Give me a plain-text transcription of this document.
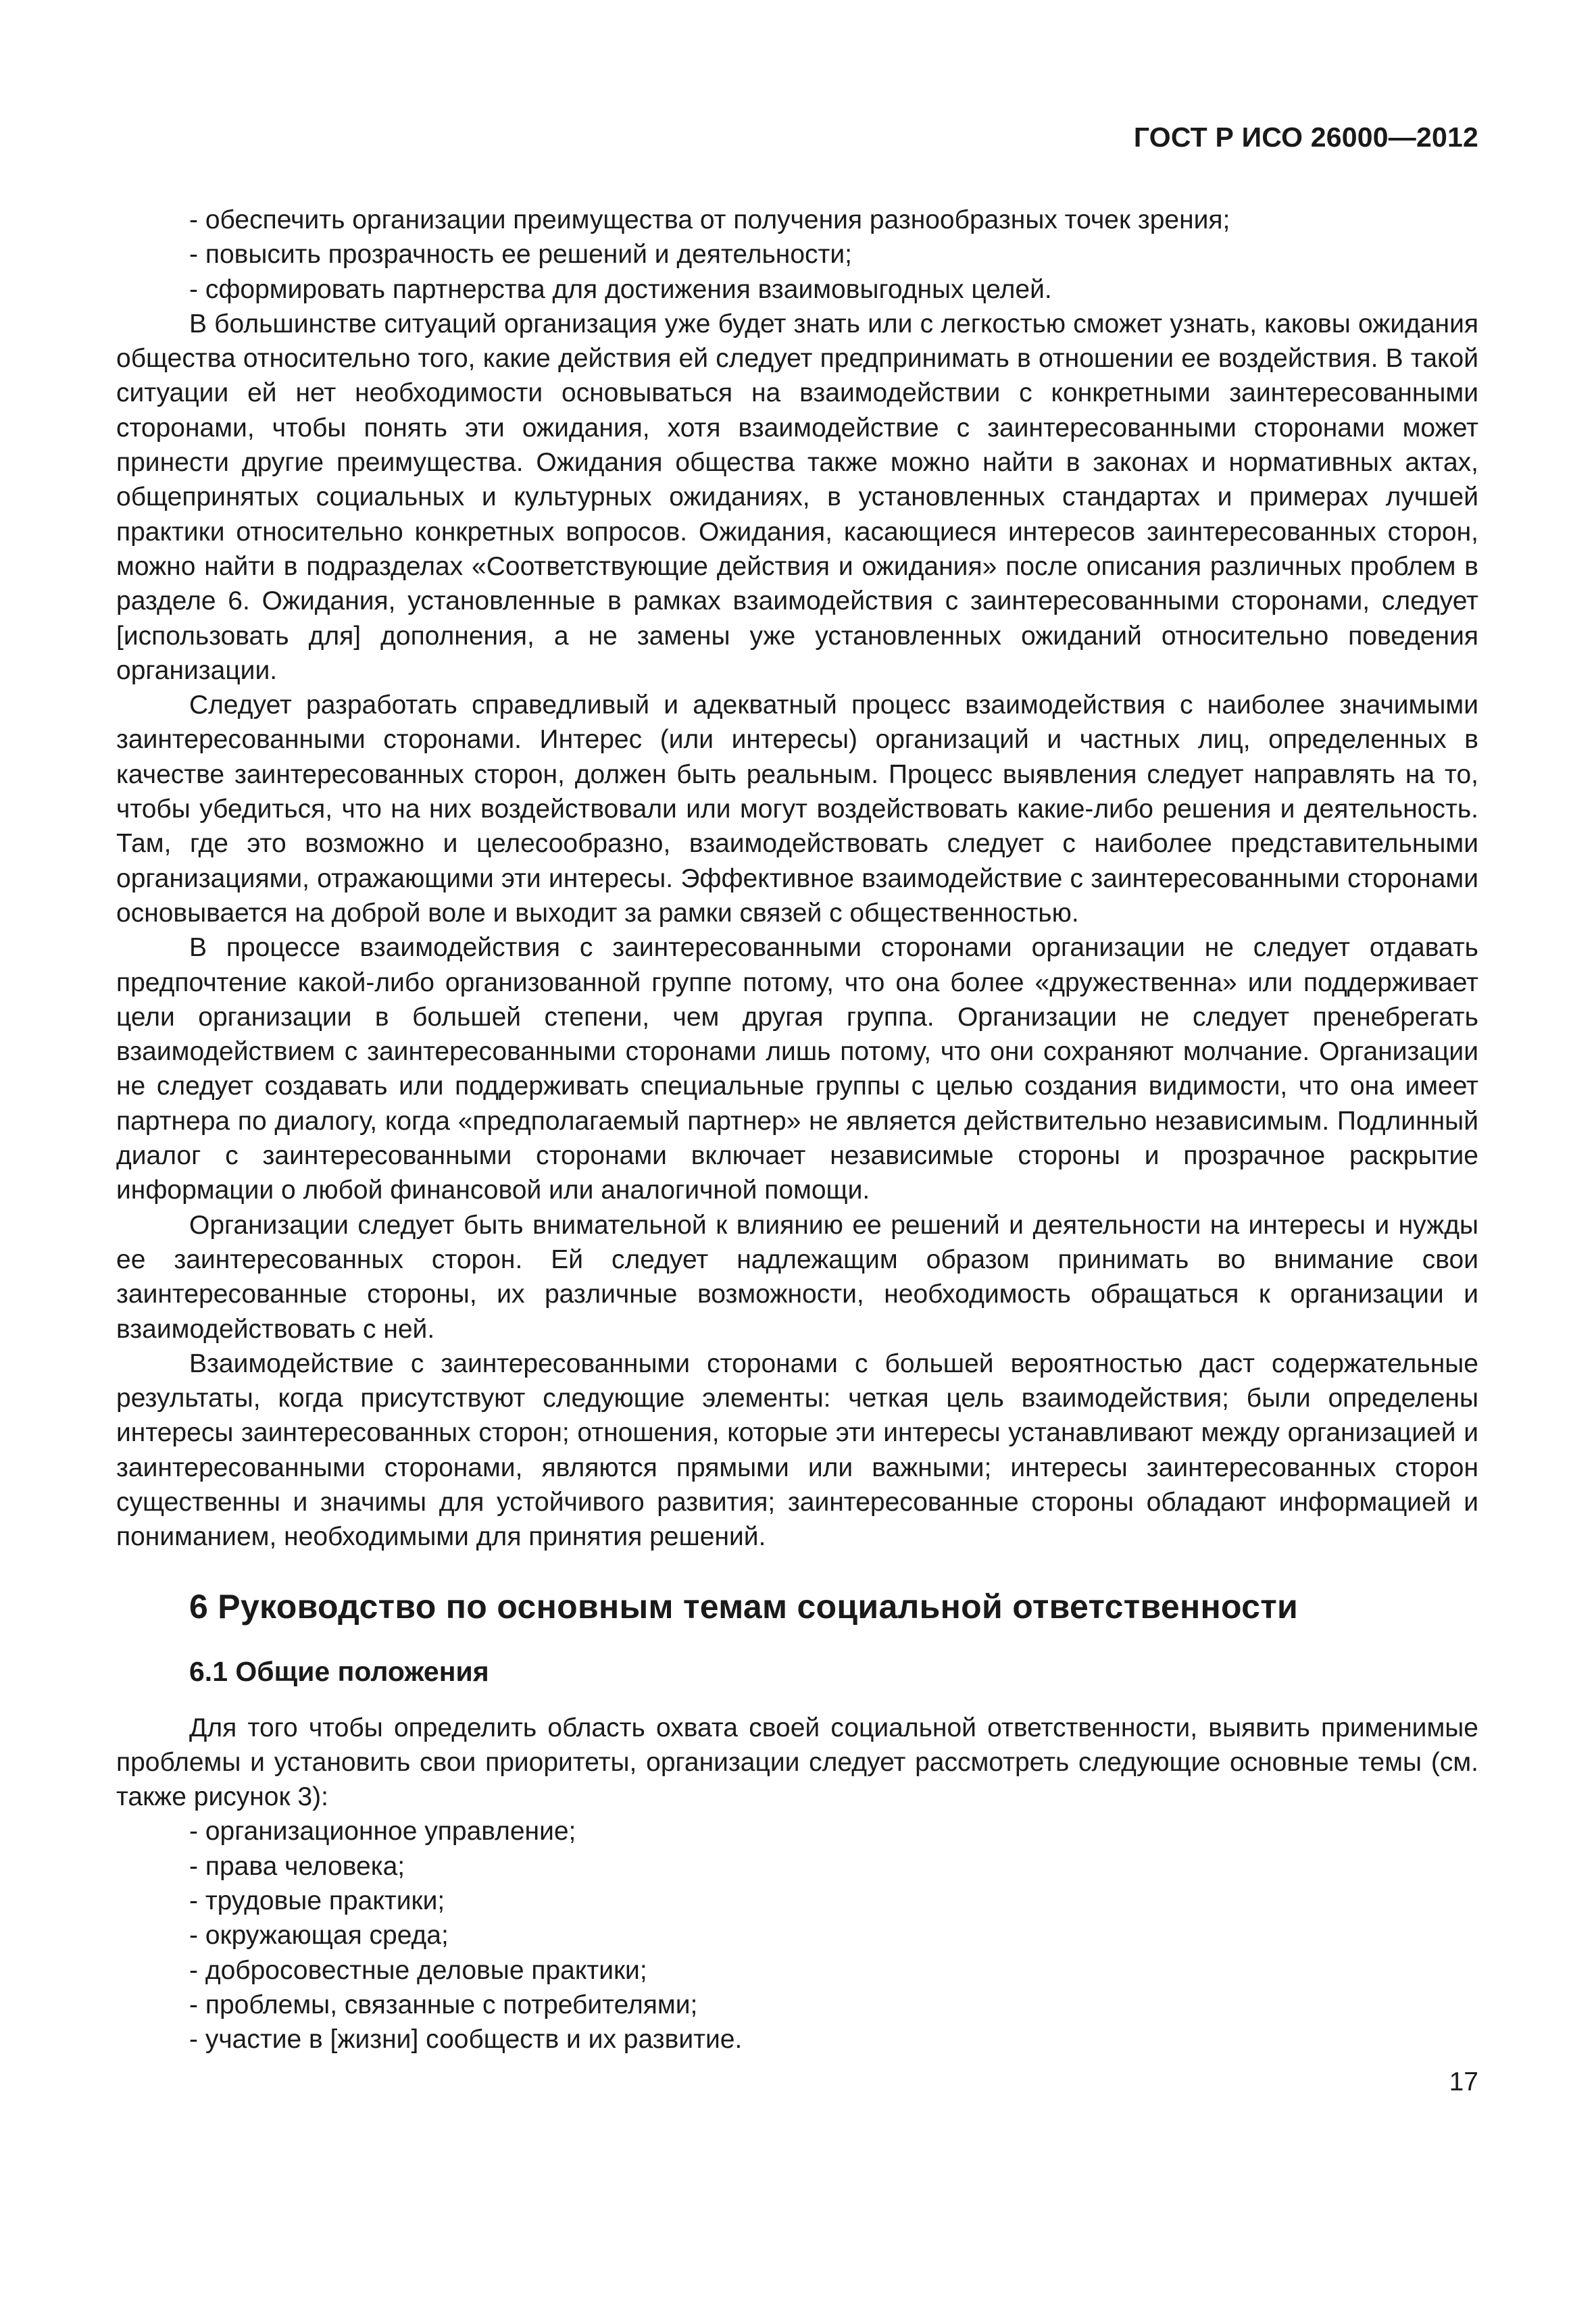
ГОСТ Р ИСО 26000—2012

- обеспечить организации преимущества от получения разнообразных точек зрения;

- повысить прозрачность ее решений и деятельности;

- сформировать партнерства для достижения взаимовыгодных целей.

В большинстве ситуаций организация уже будет знать или с легкостью сможет узнать, каковы ожидания общества относительно того, какие действия ей следует предпринимать в отношении ее воздействия. В такой ситуации ей нет необходимости основываться на взаимодействии с конкретными заинтересованными сторонами, чтобы понять эти ожидания, хотя взаимодействие с заинтересованными сторонами может принести другие преимущества. Ожидания общества также можно найти в законах и нормативных актах, общепринятых социальных и культурных ожиданиях, в установленных стандартах и примерах лучшей практики относительно конкретных вопросов. Ожидания, касающиеся интересов заинтересованных сторон, можно найти в подразделах «Соответствующие действия и ожидания» после описания различных проблем в разделе 6. Ожидания, установленные в рамках взаимодействия с заинтересованными сторонами, следует [использовать для] дополнения, а не замены уже установленных ожиданий относительно поведения организации.

Следует разработать справедливый и адекватный процесс взаимодействия с наиболее значимыми заинтересованными сторонами. Интерес (или интересы) организаций и частных лиц, определенных в качестве заинтересованных сторон, должен быть реальным. Процесс выявления следует направлять на то, чтобы убедиться, что на них воздействовали или могут воздействовать какие-либо решения и деятельность. Там, где это возможно и целесообразно, взаимодействовать следует с наиболее представительными организациями, отражающими эти интересы. Эффективное взаимодействие с заинтересованными сторонами основывается на доброй воле и выходит за рамки связей с общественностью.

В процессе взаимодействия с заинтересованными сторонами организации не следует отдавать предпочтение какой-либо организованной группе потому, что она более «дружественна» или поддерживает цели организации в большей степени, чем другая группа. Организации не следует пренебрегать взаимодействием с заинтересованными сторонами лишь потому, что они сохраняют молчание. Организации не следует создавать или поддерживать специальные группы с целью создания видимости, что она имеет партнера по диалогу, когда «предполагаемый партнер» не является действительно независимым. Подлинный диалог с заинтересованными сторонами включает независимые стороны и прозрачное раскрытие информации о любой финансовой или аналогичной помощи.

Организации следует быть внимательной к влиянию ее решений и деятельности на интересы и нужды ее заинтересованных сторон. Ей следует надлежащим образом принимать во внимание свои заинтересованные стороны, их различные возможности, необходимость обращаться к организации и взаимодействовать с ней.

Взаимодействие с заинтересованными сторонами с большей вероятностью даст содержательные результаты, когда присутствуют следующие элементы: четкая цель взаимодействия; были определены интересы заинтересованных сторон; отношения, которые эти интересы устанавливают между организацией и заинтересованными сторонами, являются прямыми или важными; интересы заинтересованных сторон существенны и значимы для устойчивого развития; заинтересованные стороны обладают информацией и пониманием, необходимыми для принятия решений.

6 Руководство по основным темам социальной ответственности
6.1 Общие положения

Для того чтобы определить область охвата своей социальной ответственности, выявить применимые проблемы и установить свои приоритеты, организации следует рассмотреть следующие основные темы (см. также рисунок 3):

- организационное управление;

- права человека;

- трудовые практики;

- окружающая среда;

- добросовестные деловые практики;

- проблемы, связанные с потребителями;

- участие в [жизни] сообществ и их развитие.

17
